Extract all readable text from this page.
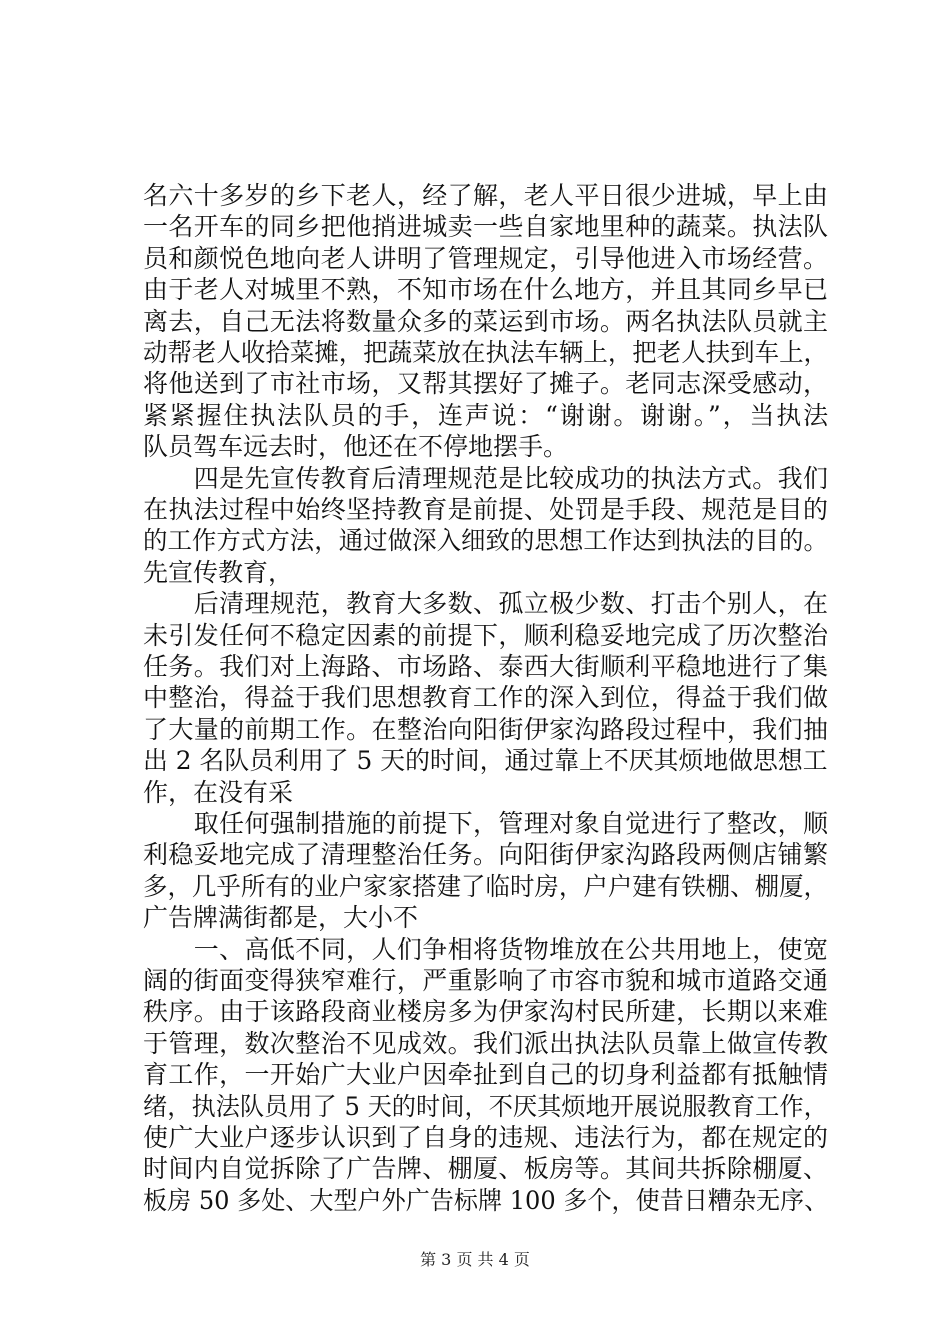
名六十多岁的乡下老人，经了解，老人平日很少进城，早上由
一名开车的同乡把他捎进城卖一些自家地里种的蔬菜。执法队
员和颜悦色地向老人讲明了管理规定，引导他进入市场经营。
由于老人对城里不熟，不知市场在什么地方，并且其同乡早已
离去，自己无法将数量众多的菜运到市场。两名执法队员就主
动帮老人收拾菜摊，把蔬菜放在执法车辆上，把老人扶到车上，
将他送到了市社市场，又帮其摆好了摊子。老同志深受感动，
紧紧握住执法队员的手，连声说：“谢谢。谢谢。”，当执法
队员驾车远去时，他还在不停地摆手。
　　四是先宣传教育后清理规范是比较成功的执法方式。我们
在执法过程中始终坚持教育是前提、处罚是手段、规范是目的
的工作方式方法，通过做深入细致的思想工作达到执法的目的。
先宣传教育，
　　后清理规范，教育大多数、孤立极少数、打击个别人，在
未引发任何不稳定因素的前提下，顺利稳妥地完成了历次整治
任务。我们对上海路、市场路、泰西大街顺利平稳地进行了集
中整治，得益于我们思想教育工作的深入到位，得益于我们做
了大量的前期工作。在整治向阳街伊家沟路段过程中，我们抽
出 2 名队员利用了 5 天的时间，通过靠上不厌其烦地做思想工
作，在没有采
　　取任何强制措施的前提下，管理对象自觉进行了整改，顺
利稳妥地完成了清理整治任务。向阳街伊家沟路段两侧店铺繁
多，几乎所有的业户家家搭建了临时房，户户建有铁棚、棚厦，
广告牌满街都是，大小不
　　一、高低不同，人们争相将货物堆放在公共用地上，使宽
阔的街面变得狭窄难行，严重影响了市容市貌和城市道路交通
秩序。由于该路段商业楼房多为伊家沟村民所建，长期以来难
于管理，数次整治不见成效。我们派出执法队员靠上做宣传教
育工作，一开始广大业户因牵扯到自己的切身利益都有抵触情
绪，执法队员用了 5 天的时间，不厌其烦地开展说服教育工作，
使广大业户逐步认识到了自身的违规、违法行为，都在规定的
时间内自觉拆除了广告牌、棚厦、板房等。其间共拆除棚厦、
板房 50 多处、大型户外广告标牌 100 多个，使昔日糟杂无序、
第 3 页 共 4 页
